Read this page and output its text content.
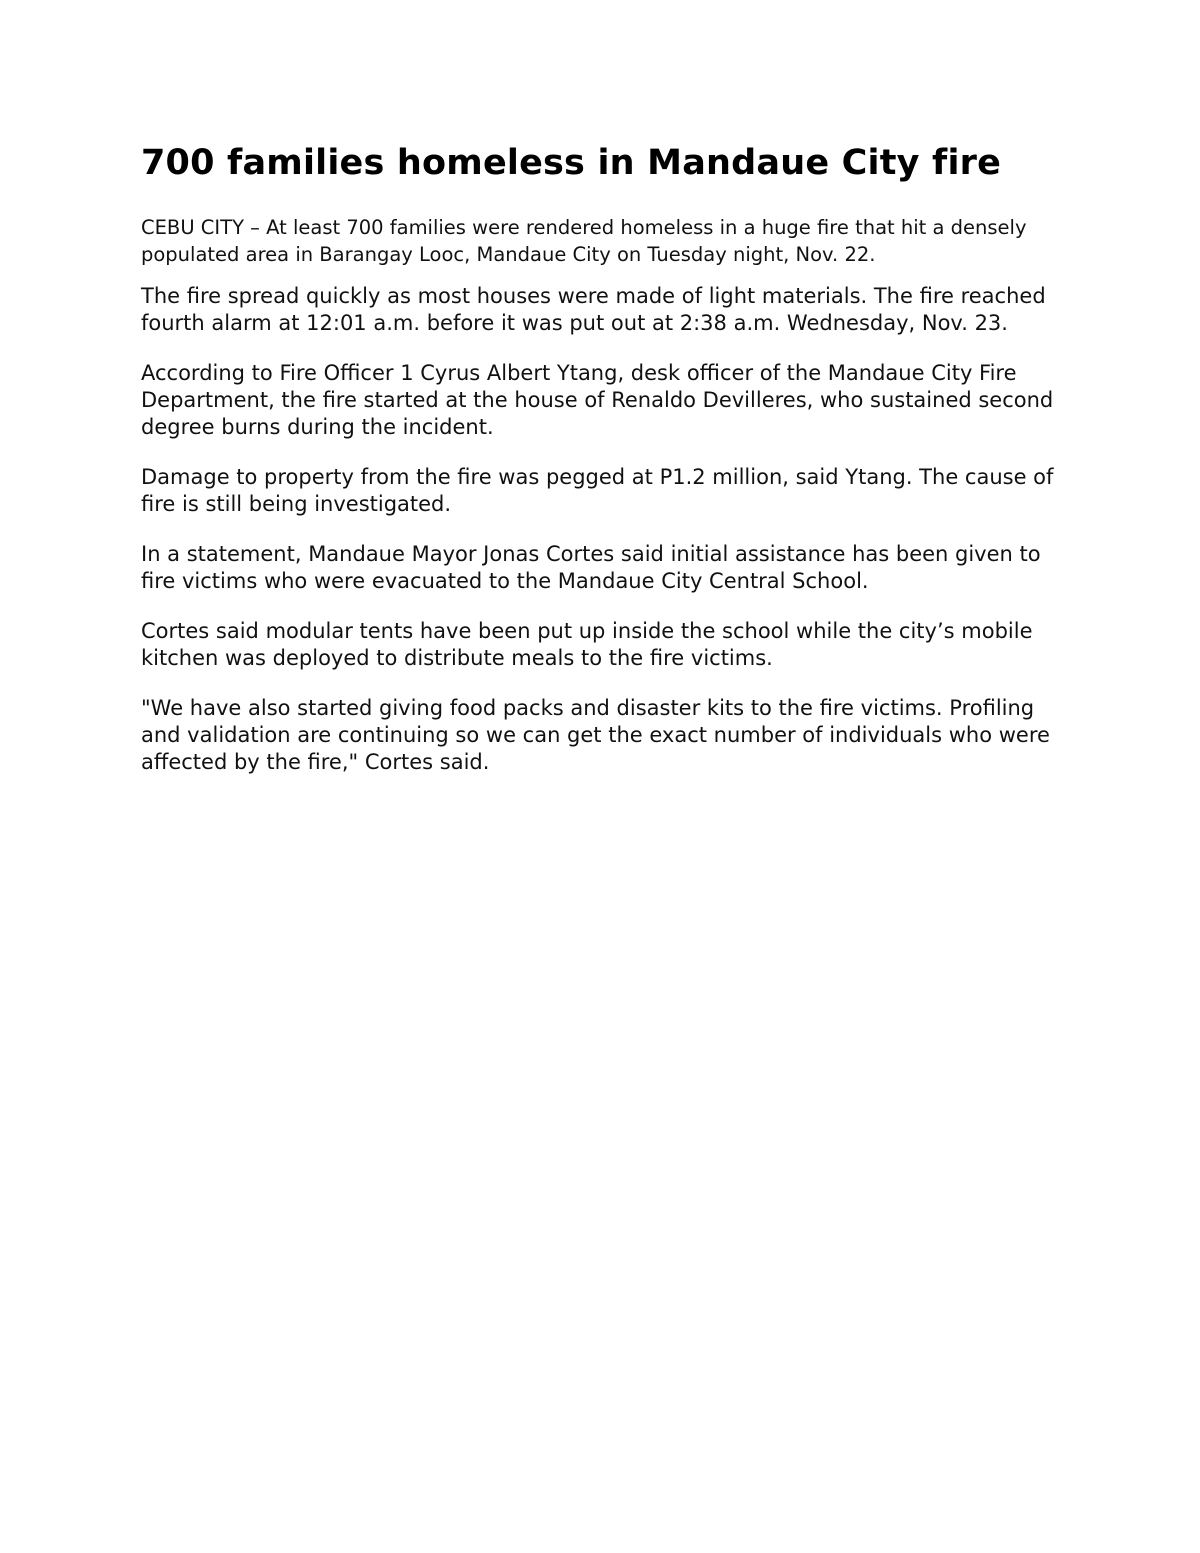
700 families homeless in Mandaue City fire

CEBU CITY – At least 700 families were rendered homeless in a huge fire that hit a densely populated area in Barangay Looc, Mandaue City on Tuesday night, Nov. 22.

The fire spread quickly as most houses were made of light materials. The fire reached fourth alarm at 12:01 a.m. before it was put out at 2:38 a.m. Wednesday, Nov. 23.

According to Fire Officer 1 Cyrus Albert Ytang, desk officer of the Mandaue City Fire Department, the fire started at the house of Renaldo Devilleres, who sustained second degree burns during the incident.

Damage to property from the fire was pegged at P1.2 million, said Ytang. The cause of fire is still being investigated.

In a statement, Mandaue Mayor Jonas Cortes said initial assistance has been given to fire victims who were evacuated to the Mandaue City Central School.

Cortes said modular tents have been put up inside the school while the city’s mobile kitchen was deployed to distribute meals to the fire victims.

"We have also started giving food packs and disaster kits to the fire victims. Profiling and validation are continuing so we can get the exact number of individuals who were affected by the fire," Cortes said.
